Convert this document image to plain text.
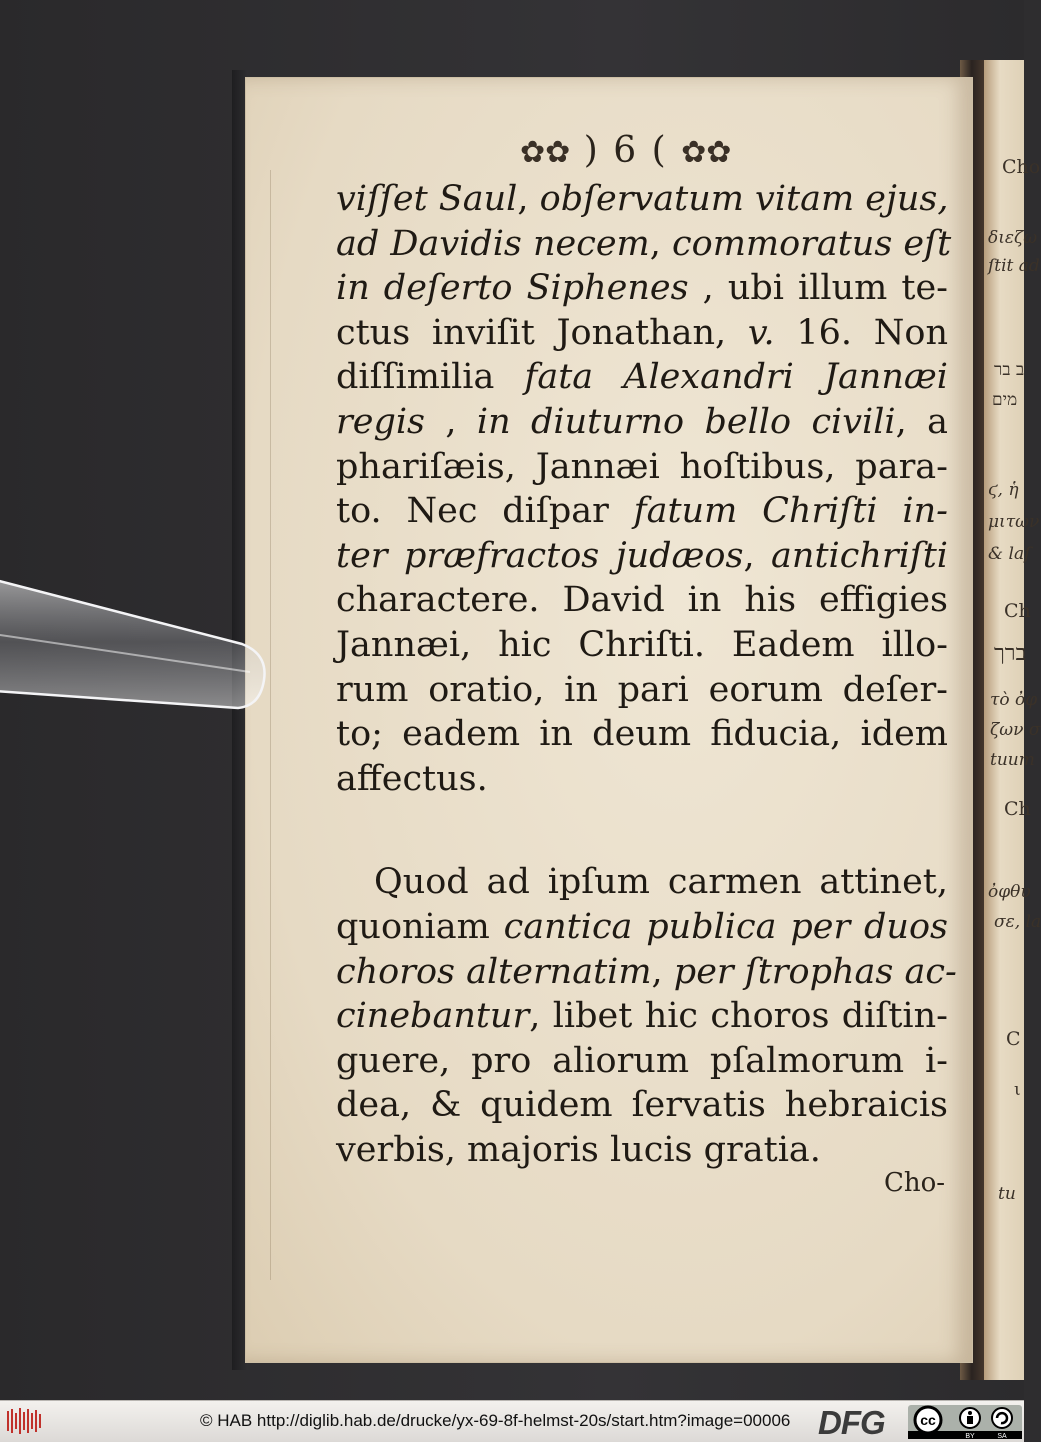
Cho
διεζω
ſtit ad
ב בר
מים
ϛ, ἡ
μιτων
& laſ
Ch
ברך
τὸ ὀφ
ζων σ
tuum
Ch
ὀφθυ
σε, la
C
ι
tu
✿✿ ) 6 ( ✿✿
viſſet Saul, obſervatum vitam ejus,
ad Davidis necem, commoratus eſt
in deſerto Siphenes , ubi illum te-
ctus inviſit Jonathan, v. 16. Non
diſſimilia fata Alexandri Jannæi
regis , in diuturno bello civili, a
phariſæis, Jannæi hoſtibus, para-
to. Nec diſpar fatum Chriſti in-
ter præfractos judæos, antichriſti
charactere. David in his effigies
Jannæi, hic Chriſti. Eadem illo-
rum oratio, in pari eorum deſer-
to; eadem in deum fiducia, idem
affectus.
Quod ad ipſum carmen attinet,
quoniam cantica publica per duos
choros alternatim, per ſtrophas ac-
cinebantur, libet hic choros diſtin-
guere, pro aliorum pſalmorum i-
dea, & quidem ſervatis hebraicis
verbis, majoris lucis gratia.
Cho-
© HAB http://diglib.hab.de/drucke/yx-69-8f-helmst-20s/start.htm?image=00006 DFG	cc
BY	SA
